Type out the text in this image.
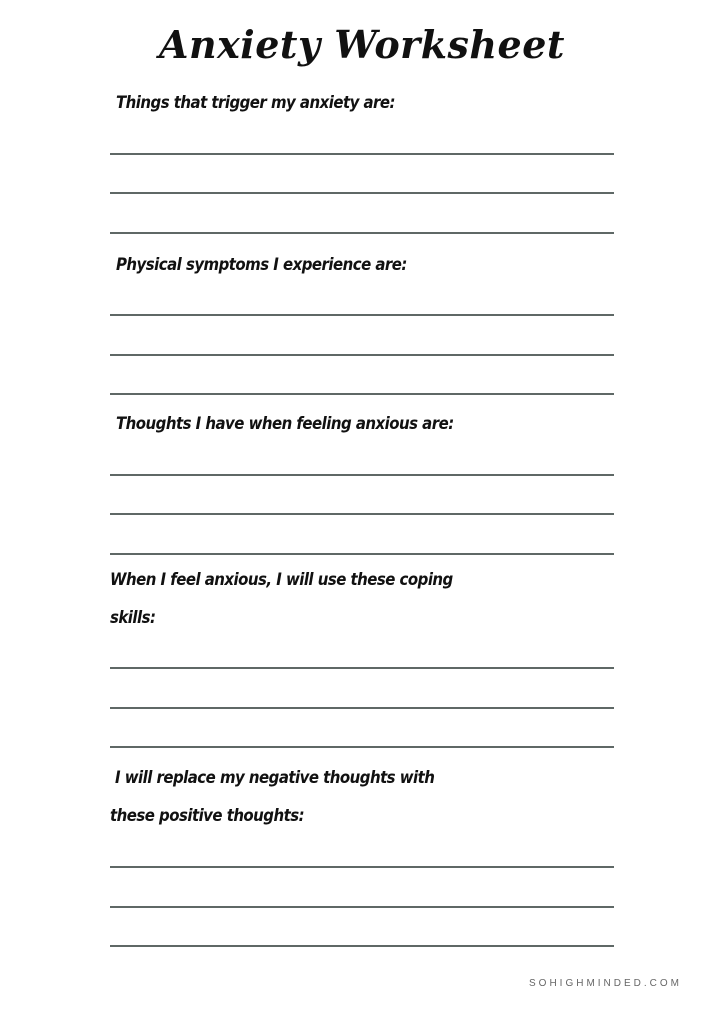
Anxiety Worksheet
Things that trigger my anxiety are:
Physical symptoms I experience are:
Thoughts I have when feeling anxious are:
When I feel anxious, I will use these coping
skills:
I will replace my negative thoughts with
these positive thoughts:
SOHIGHMINDED.COM
